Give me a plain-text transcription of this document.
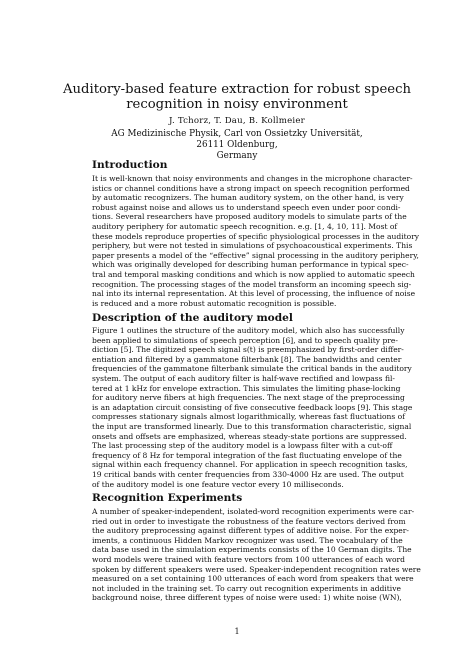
Auditory-based feature extraction for robust speech
recognition in noisy environment
J. Tchorz, T. Dau, B. Kollmeier
AG Medizinische Physik, Carl von Ossietzky Universität, 26111 Oldenburg,
Germany
Introduction
It is well-known that noisy environments and changes in the microphone character-
istics or channel conditions have a strong impact on speech recognition performed
by automatic recognizers. The human auditory system, on the other hand, is very
robust against noise and allows us to understand speech even under poor condi-
tions. Several researchers have proposed auditory models to simulate parts of the
auditory periphery for automatic speech recognition. e.g. [1, 4, 10, 11]. Most of
these models reproduce properties of specific physiological processes in the auditory
periphery, but were not tested in simulations of psychoacoustical experiments. This
paper presents a model of the “effective” signal processing in the auditory periphery,
which was originally developed for describing human performance in typical spec-
tral and temporal masking conditions and which is now applied to automatic speech
recognition. The processing stages of the model transform an incoming speech sig-
nal into its internal representation. At this level of processing, the influence of noise
is reduced and a more robust automatic recognition is possible.
Description of the auditory model
Figure 1 outlines the structure of the auditory model, which also has successfully
been applied to simulations of speech perception [6], and to speech quality pre-
diction [5]. The digitized speech signal s(t) is preemphasized by first-order differ-
entiation and filtered by a gammatone filterbank [8]. The bandwidths and center
frequencies of the gammatone filterbank simulate the critical bands in the auditory
system. The output of each auditory filter is half-wave rectified and lowpass fil-
tered at 1 kHz for envelope extraction. This simulates the limiting phase-locking
for auditory nerve fibers at high frequencies. The next stage of the preprocessing
is an adaptation circuit consisting of five consecutive feedback loops [9]. This stage
compresses stationary signals almost logarithmically, whereas fast fluctuations of
the input are transformed linearly. Due to this transformation characteristic, signal
onsets and offsets are emphasized, whereas steady-state portions are suppressed.
The last processing step of the auditory model is a lowpass filter with a cut-off
frequency of 8 Hz for temporal integration of the fast fluctuating envelope of the
signal within each frequency channel. For application in speech recognition tasks,
19 critical bands with center frequencies from 330-4000 Hz are used. The output
of the auditory model is one feature vector every 10 milliseconds.
Recognition Experiments
A number of speaker-independent, isolated-word recognition experiments were car-
ried out in order to investigate the robustness of the feature vectors derived from
the auditory preprocessing against different types of additive noise. For the exper-
iments, a continuous Hidden Markov recognizer was used. The vocabulary of the
data base used in the simulation experiments consists of the 10 German digits. The
word models were trained with feature vectors from 100 utterances of each word
spoken by different speakers were used. Speaker-independent recognition rates were
measured on a set containing 100 utterances of each word from speakers that were
not included in the training set. To carry out recognition experiments in additive
background noise, three different types of noise were used: 1) white noise (WN),
1
